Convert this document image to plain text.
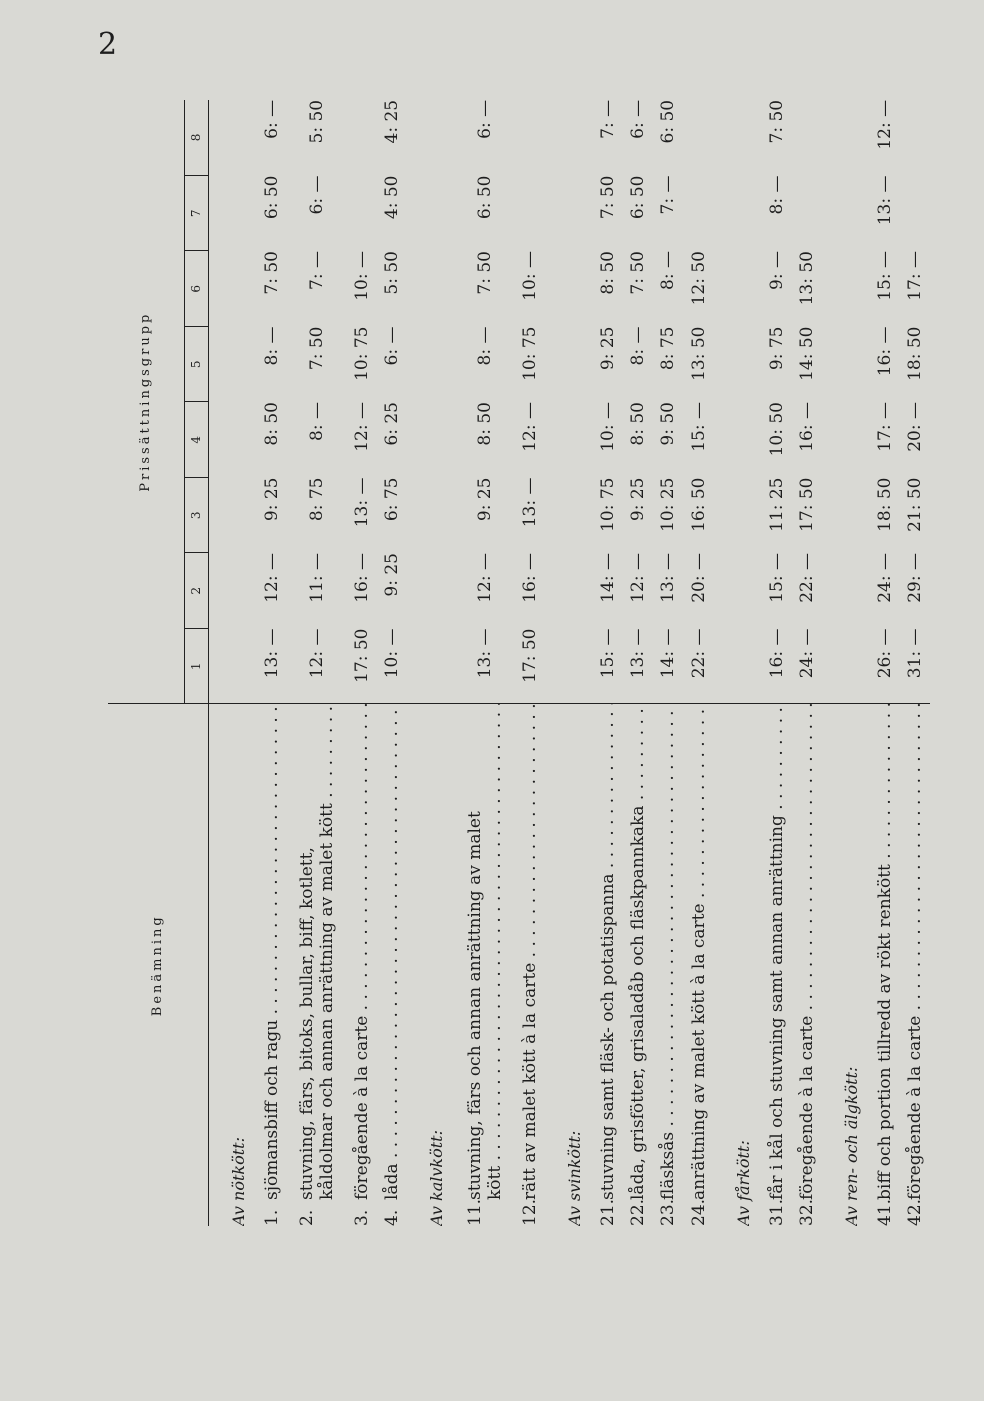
2
Benämning	Prissättningsgrupp							
	1	2	3	4	5	6	7	8
Av nötkött:								

1.
sjömansbiff och ragu . . .	13: —	12: —	9: 25	8: 50	8: —	7: 50	6: 50	6: —

2.
stuvning, färs, bitoks, bullar, biff, kotlett, kåldolmar och annan anrättning av malet kött . . .	12: —	11: —	8: 75	8: —	7: 50	7: —	6: —	5: 50

3.
föregående à la carte . . .	17: 50	16: —	13: —	12: —	10: 75	10: —		

4.
låda . . .	10: —	9: 25	6: 75	6: 25	6: —	5: 50	4: 50	4: 25
Av kalvkött:								

11.
stuvning, färs och annan anrättning av malet kött . . .	13: —	12: —	9: 25	8: 50	8: —	7: 50	6: 50	6: —

12.
rätt av malet kött à la carte . . .	17: 50	16: —	13: —	12: —	10: 75	10: —		
Av svinkött:								

21.
stuvning samt fläsk- och potatispanna . . .	15: —	14: —	10: 75	10: —	9: 25	8: 50	7: 50	7: —

22.
låda, grisfötter, grisaladåb och fläskpannkaka . . .	13: —	12: —	9: 25	8: 50	8: —	7: 50	6: 50	6: —

23.
fläsksås . . .	14: —	13: —	10: 25	9: 50	8: 75	8: —	7: —	6: 50

24.
anrättning av malet kött à la carte . . .	22: —	20: —	16: 50	15: —	13: 50	12: 50		
Av fårkött:								

31.
får i kål och stuvning samt annan anrättning . . .	16: —	15: —	11: 25	10: 50	9: 75	9: —	8: —	7: 50

32.
föregående à la carte . . .	24: —	22: —	17: 50	16: —	14: 50	13: 50		
Av ren- och älgkött:								

41.
biff och portion tillredd av rökt renkött . . .	26: —	24: —	18: 50	17: —	16: —	15: —	13: —	12: —

42.
föregående à la carte . . .	31: —	29: —	21: 50	20: —	18: 50	17: —		
